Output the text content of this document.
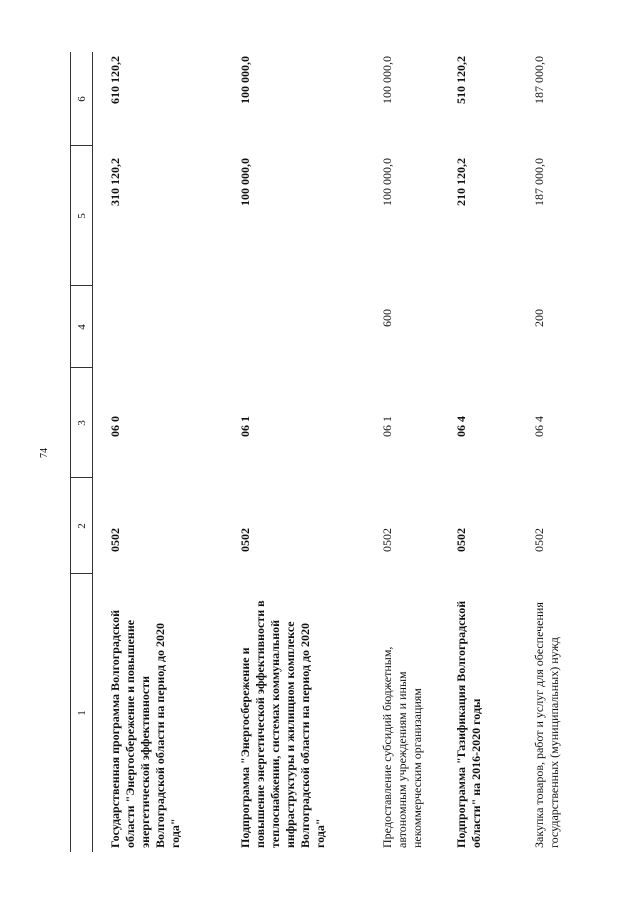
74
1
2
3
4
5
6
Государственная программа Волгоградской области "Энергосбережение и повышение энергетической эффективности Волгоградской области на период до 2020 года"
0502
06 0
310 120,2
610 120,2
Подпрограмма "Энергосбережение и повышение энергетической эффективности в теплоснабжении, системах коммунальной инфраструктуры и жилищном комплексе Волгоградской области на период до 2020 года"
0502
06 1
100 000,0
100 000,0
Предоставление субсидий бюджетным, автономным учреждениям и иным некоммерческим организациям
0502
06 1
600
100 000,0
100 000,0
Подпрограмма "Газификация Волгоградской области" на 2016-2020 годы
0502
06 4
210 120,2
510 120,2
Закупка товаров, работ и услуг для обеспечения государственных (муниципальных) нужд
0502
06 4
200
187 000,0
187 000,0
